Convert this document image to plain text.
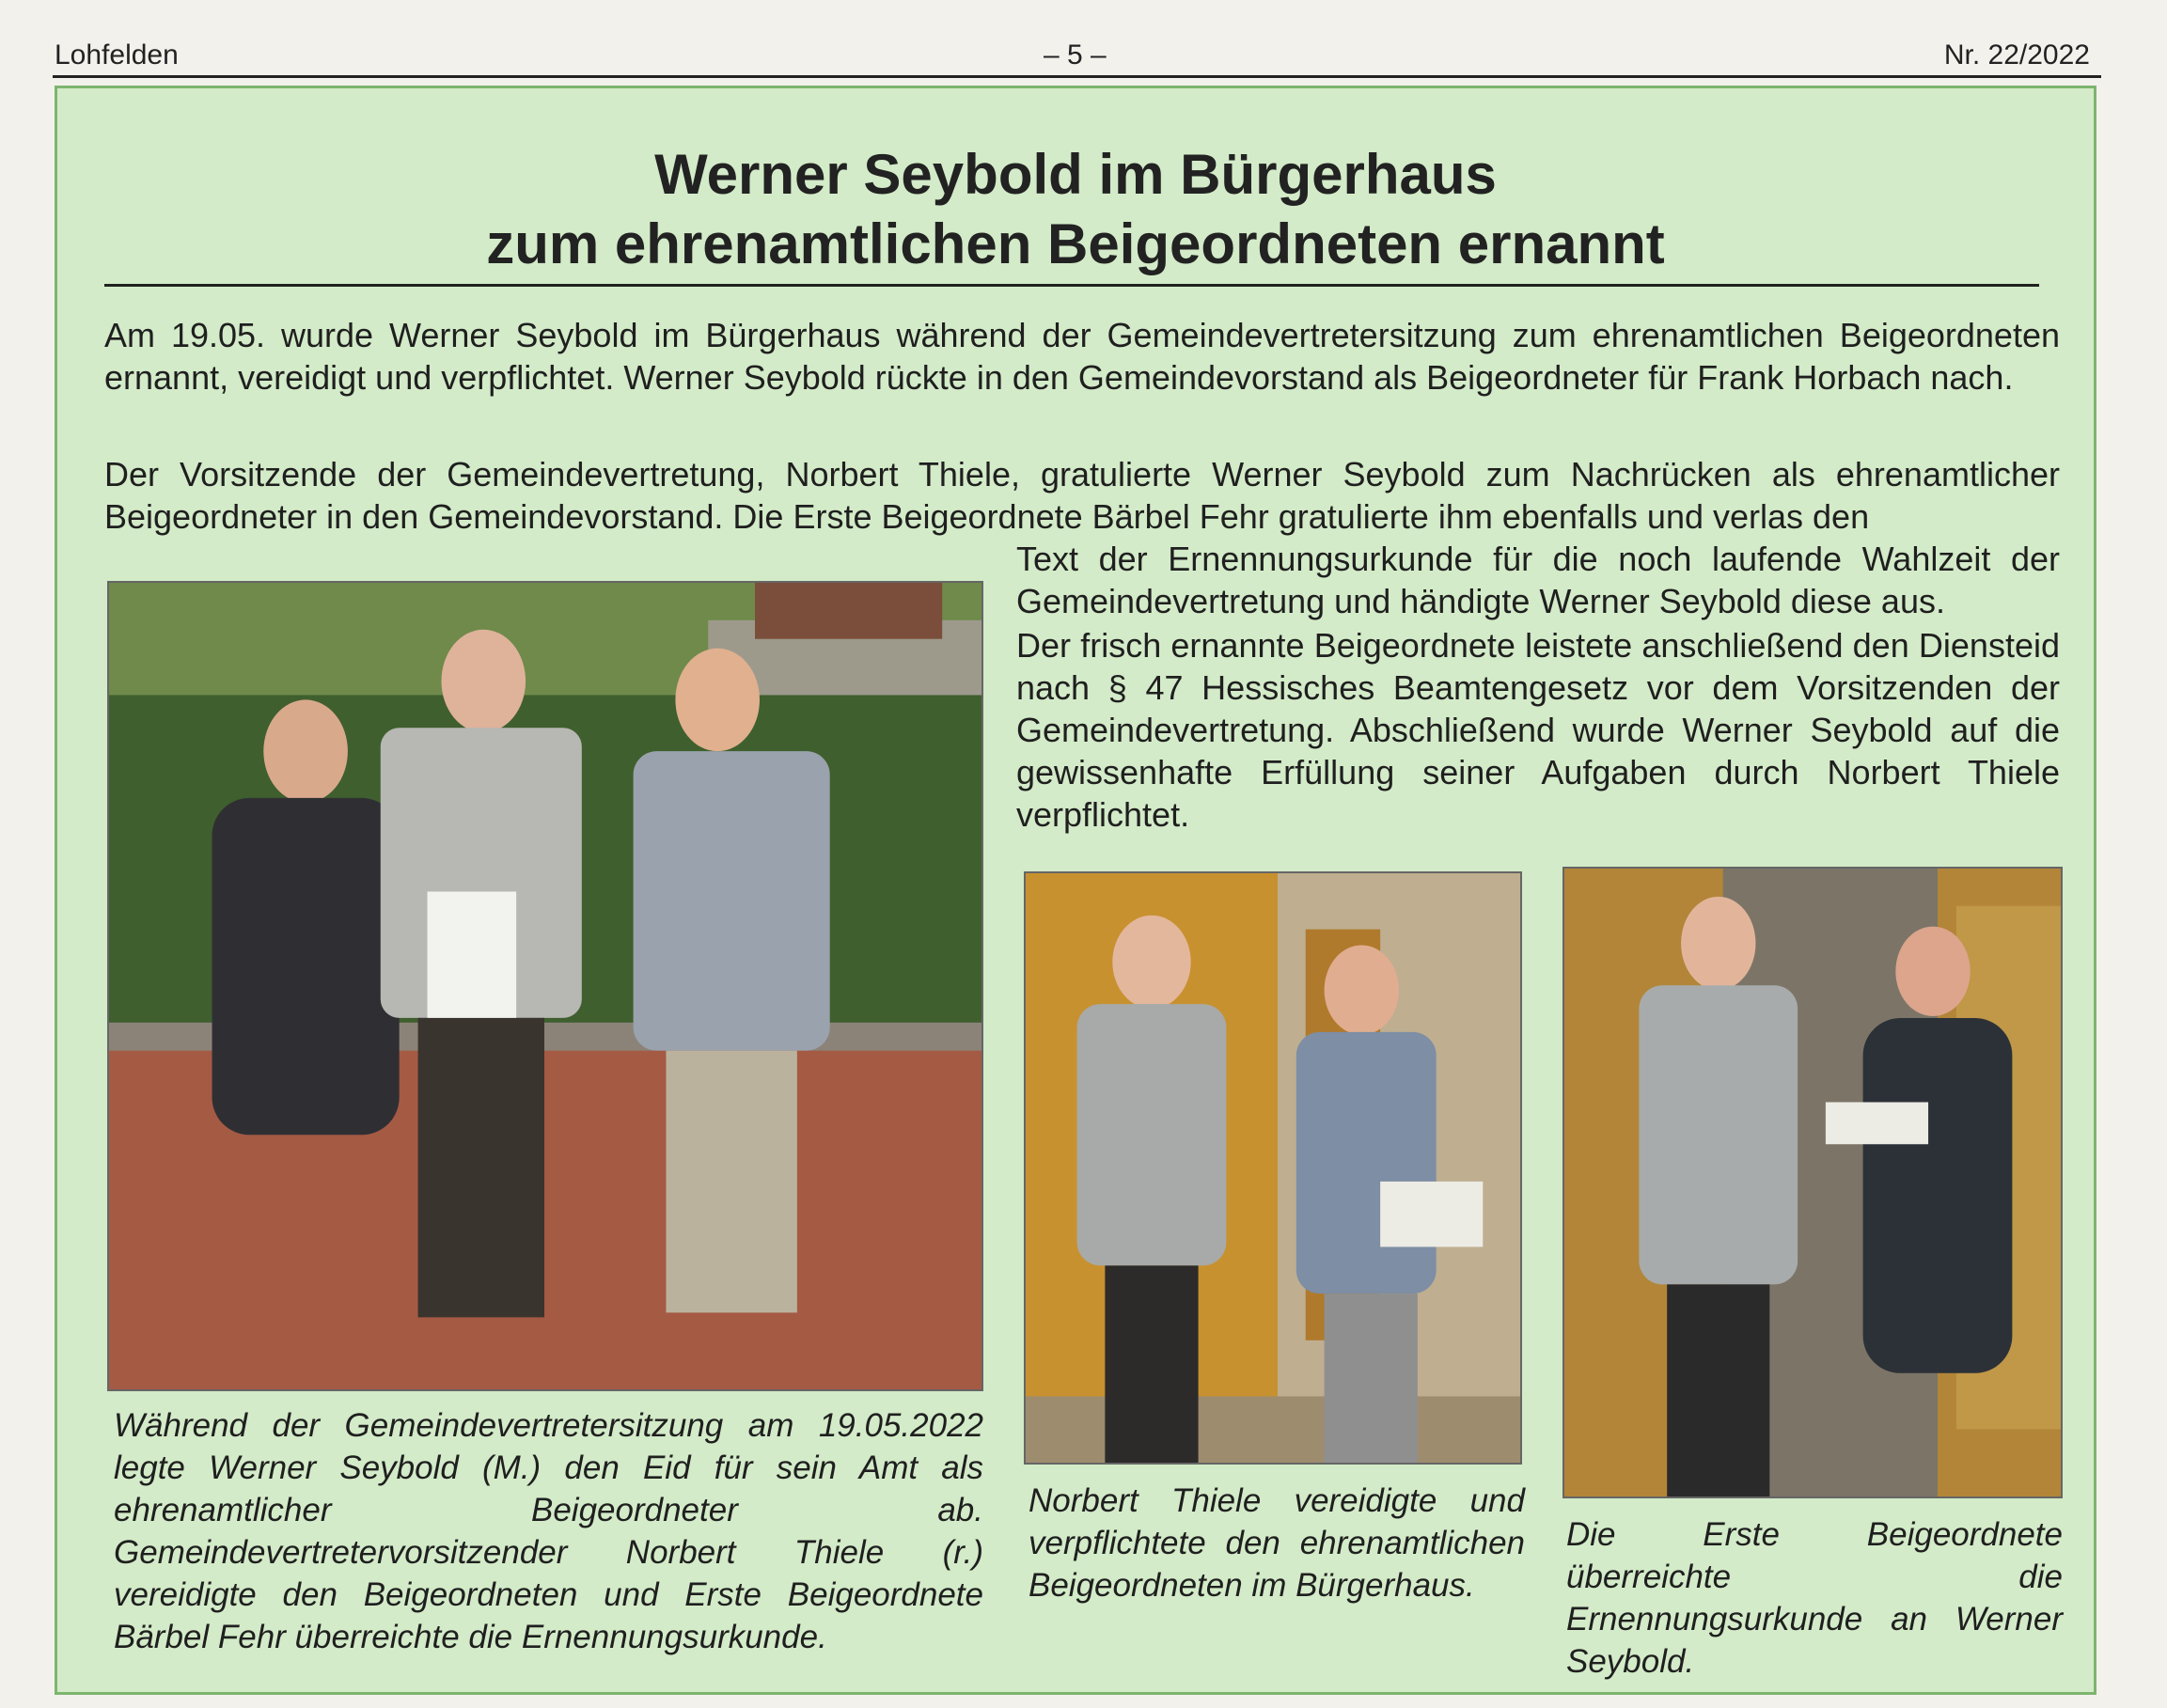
Lohfelden	– 5 –	Nr. 22/2022
Werner Seybold im Bürgerhaus
zum ehrenamtlichen Beigeordneten ernannt
Am 19.05. wurde Werner Seybold im Bürgerhaus während der Gemeindevertretersitzung zum ehrenamtlichen Beigeordneten ernannt, vereidigt und verpflichtet. Werner Seybold rückte in den Gemeindevorstand als Beigeordneter für Frank Horbach nach.
Der Vorsitzende der Gemeindevertretung, Norbert Thiele, gratulierte Werner Seybold zum Nachrücken als ehrenamtlicher Beigeordneter in den Gemeindevorstand. Die Erste Beigeordnete Bärbel Fehr gratulierte ihm ebenfalls und verlas den
Text der Ernennungsurkunde für die noch laufende Wahlzeit der Gemeindevertretung und händigte Werner Seybold diese aus.
Der frisch ernannte Beigeordnete leistete anschließend den Diensteid nach § 47 Hessisches Beamtengesetz vor dem Vorsitzenden der Gemeindevertretung. Abschließend wurde Werner Seybold auf die gewissenhafte Erfüllung seiner Aufgaben durch Norbert Thiele verpflichtet.
Während der Gemeindevertretersitzung am 19.05.2022 legte Werner Seybold (M.) den Eid für sein Amt als ehrenamtlicher Beigeordneter ab. Gemeindevertretervorsitzender Norbert Thiele (r.) vereidigte den Beigeordneten und Erste Beigeordnete Bärbel Fehr überreichte die Ernennungsurkunde.
Norbert Thiele vereidigte und verpflichtete den ehrenamtlichen Beigeordneten im Bürgerhaus.
Die Erste Beigeordnete überreichte die Ernennungsurkunde an Werner Seybold.
